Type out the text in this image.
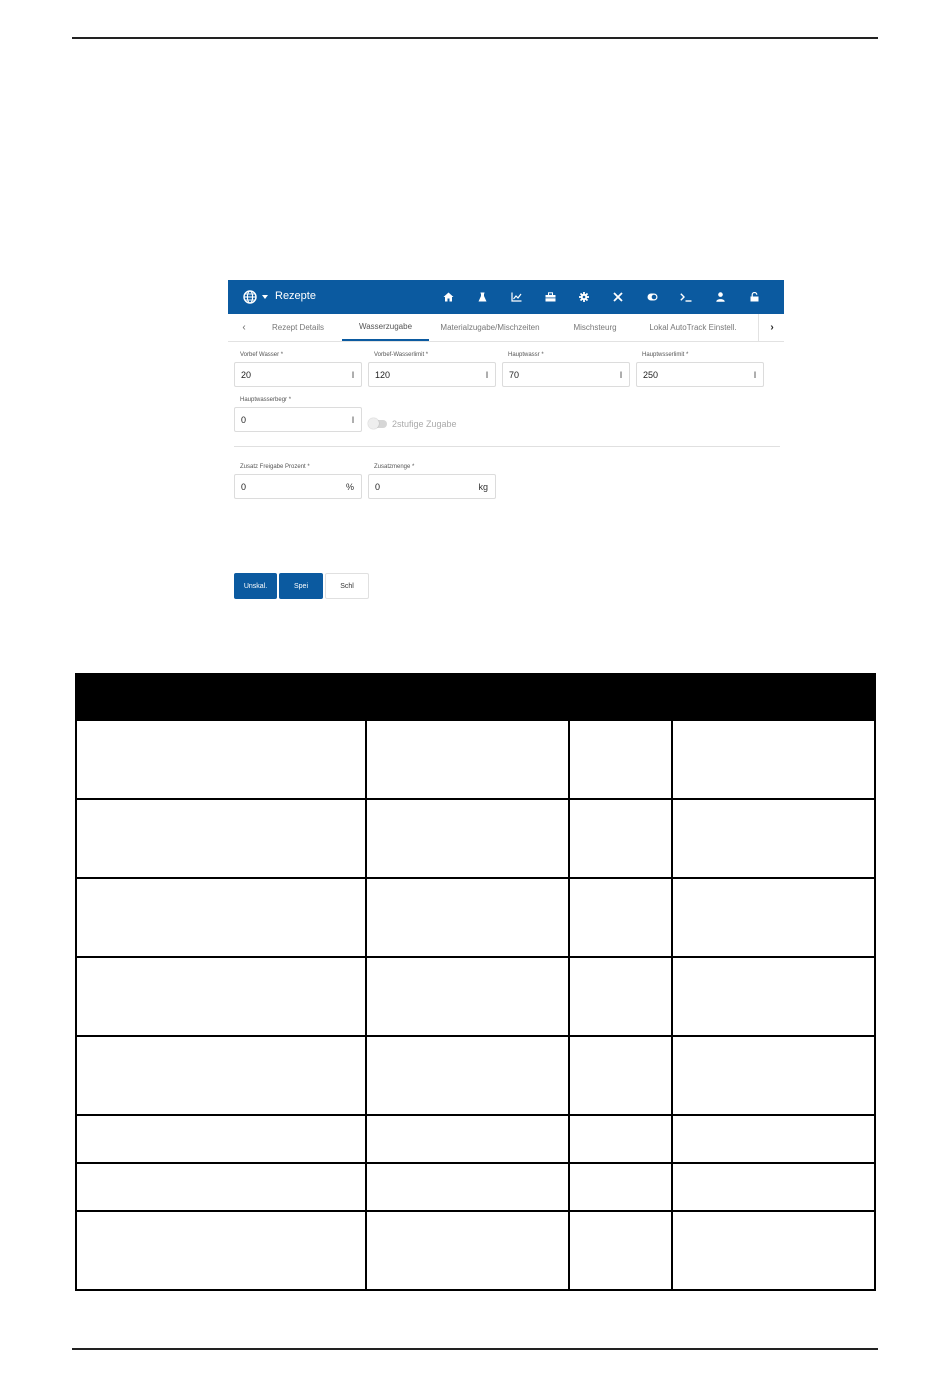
Rezepte
‹	Rezept Details	Wasserzugabe	Materialzugabe/Mischzeiten	Mischsteurg	Lokal AutoTrack Einstell.	›
Vorbef Wasser *
20	l
Vorbef-Wasserlimit *
120	l
Hauptwassr *
70	l
Hauptwsserlimit *
250	l
Hauptwasserbegr *
0	l	2stufige Zugabe
Zusatz Freigabe Prozent *
0	%
Zusatzmenge *
0	kg
Unskal.	Spei	Schl
